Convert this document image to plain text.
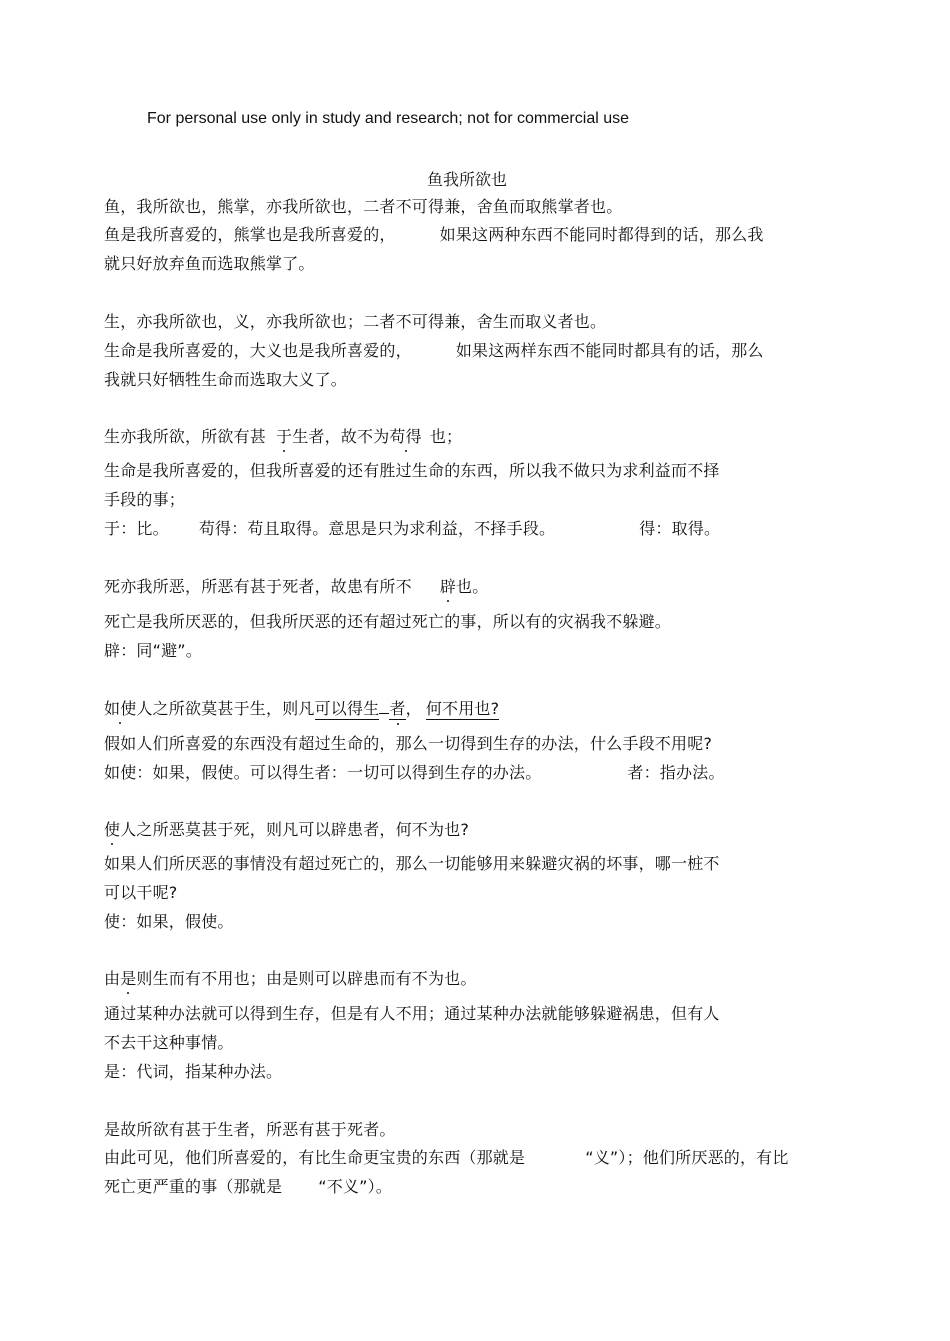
For personal use only in study and research; not for commercial use
鱼我所欲也
鱼，我所欲也，熊掌，亦我所欲也，二者不可得兼，舍鱼而取熊掌者也。
鱼是我所喜爱的，熊掌也是我所喜爱的，	如果这两种东西不能同时都得到的话，那么我
就只好放弃鱼而选取熊掌了。
生，亦我所欲也，义，亦我所欲也；二者不可得兼，舍生而取义者也。
生命是我所喜爱的，大义也是我所喜爱的，	如果这两样东西不能同时都具有的话，那么
我就只好牺牲生命而选取大义了。
生亦我所欲，所欲有甚 于生者，故不为苟得 也；
生命是我所喜爱的，但我所喜爱的还有胜过生命的东西，所以我不做只为求利益而不择
手段的事；
于：比。 苟得：苟且取得。意思是只为求利益，不择手段。	得：取得。
死亦我所恶，所恶有甚于死者，故患有所不 辟也。
死亡是我所厌恶的，但我所厌恶的还有超过死亡的事，所以有的灾祸我不躲避。
辟：同“避”。
如使人之所欲莫甚于生，则凡可以得生 者， 何不用也?
假如人们所喜爱的东西没有超过生命的，那么一切得到生存的办法，什么手段不用呢?
如使：如果，假使。可以得生者：一切可以得到生存的办法。	者：指办法。
使人之所恶莫甚于死，则凡可以辟患者，何不为也?
如果人们所厌恶的事情没有超过死亡的，那么一切能够用来躲避灾祸的坏事，哪一桩不
可以干呢?
使：如果，假使。
由是则生而有不用也；由是则可以辟患而有不为也。
通过某种办法就可以得到生存，但是有人不用；通过某种办法就能够躲避祸患，但有人
不去干这种事情。
是：代词，指某种办法。
是故所欲有甚于生者，所恶有甚于死者。
由此可见，他们所喜爱的，有比生命更宝贵的东西（那就是	“义”）；他们所厌恶的，有比
死亡更严重的事（那就是 “不义”）。
